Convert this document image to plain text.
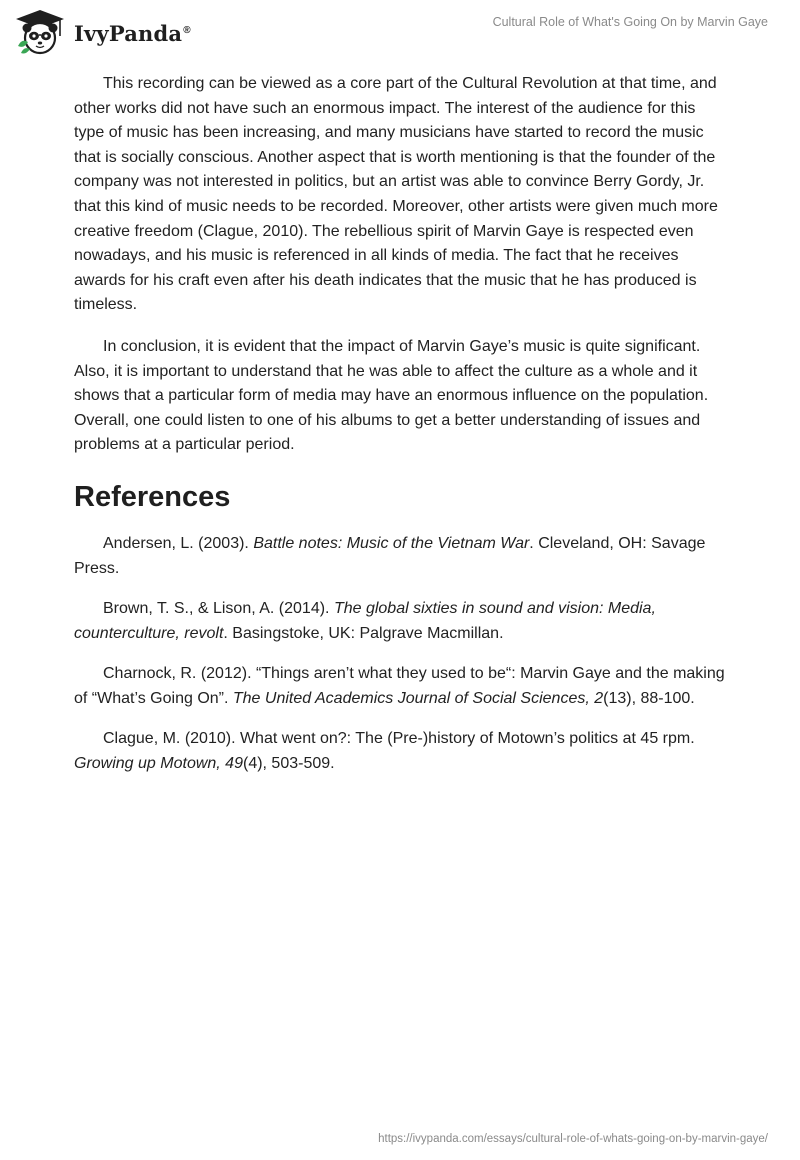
IvyPanda®
Cultural Role of What's Going On by Marvin Gaye

This recording can be viewed as a core part of the Cultural Revolution at that time, and other works did not have such an enormous impact. The interest of the audience for this type of music has been increasing, and many musicians have started to record the music that is socially conscious. Another aspect that is worth mentioning is that the founder of the company was not interested in politics, but an artist was able to convince Berry Gordy, Jr. that this kind of music needs to be recorded. Moreover, other artists were given much more creative freedom (Clague, 2010). The rebellious spirit of Marvin Gaye is respected even nowadays, and his music is referenced in all kinds of media. The fact that he receives awards for his craft even after his death indicates that the music that he has produced is timeless.

In conclusion, it is evident that the impact of Marvin Gaye’s music is quite significant. Also, it is important to understand that he was able to affect the culture as a whole and it shows that a particular form of media may have an enormous influence on the population. Overall, one could listen to one of his albums to get a better understanding of issues and problems at a particular period.

References

Andersen, L. (2003). Battle notes: Music of the Vietnam War. Cleveland, OH: Savage Press.

Brown, T. S., & Lison, A. (2014). The global sixties in sound and vision: Media, counterculture, revolt. Basingstoke, UK: Palgrave Macmillan.

Charnock, R. (2012). “Things aren’t what they used to be“: Marvin Gaye and the making of “What’s Going On”. The United Academics Journal of Social Sciences, 2(13), 88-100.

Clague, M. (2010). What went on?: The (Pre-)history of Motown’s politics at 45 rpm. Growing up Motown, 49(4), 503-509.

https://ivypanda.com/essays/cultural-role-of-whats-going-on-by-marvin-gaye/
